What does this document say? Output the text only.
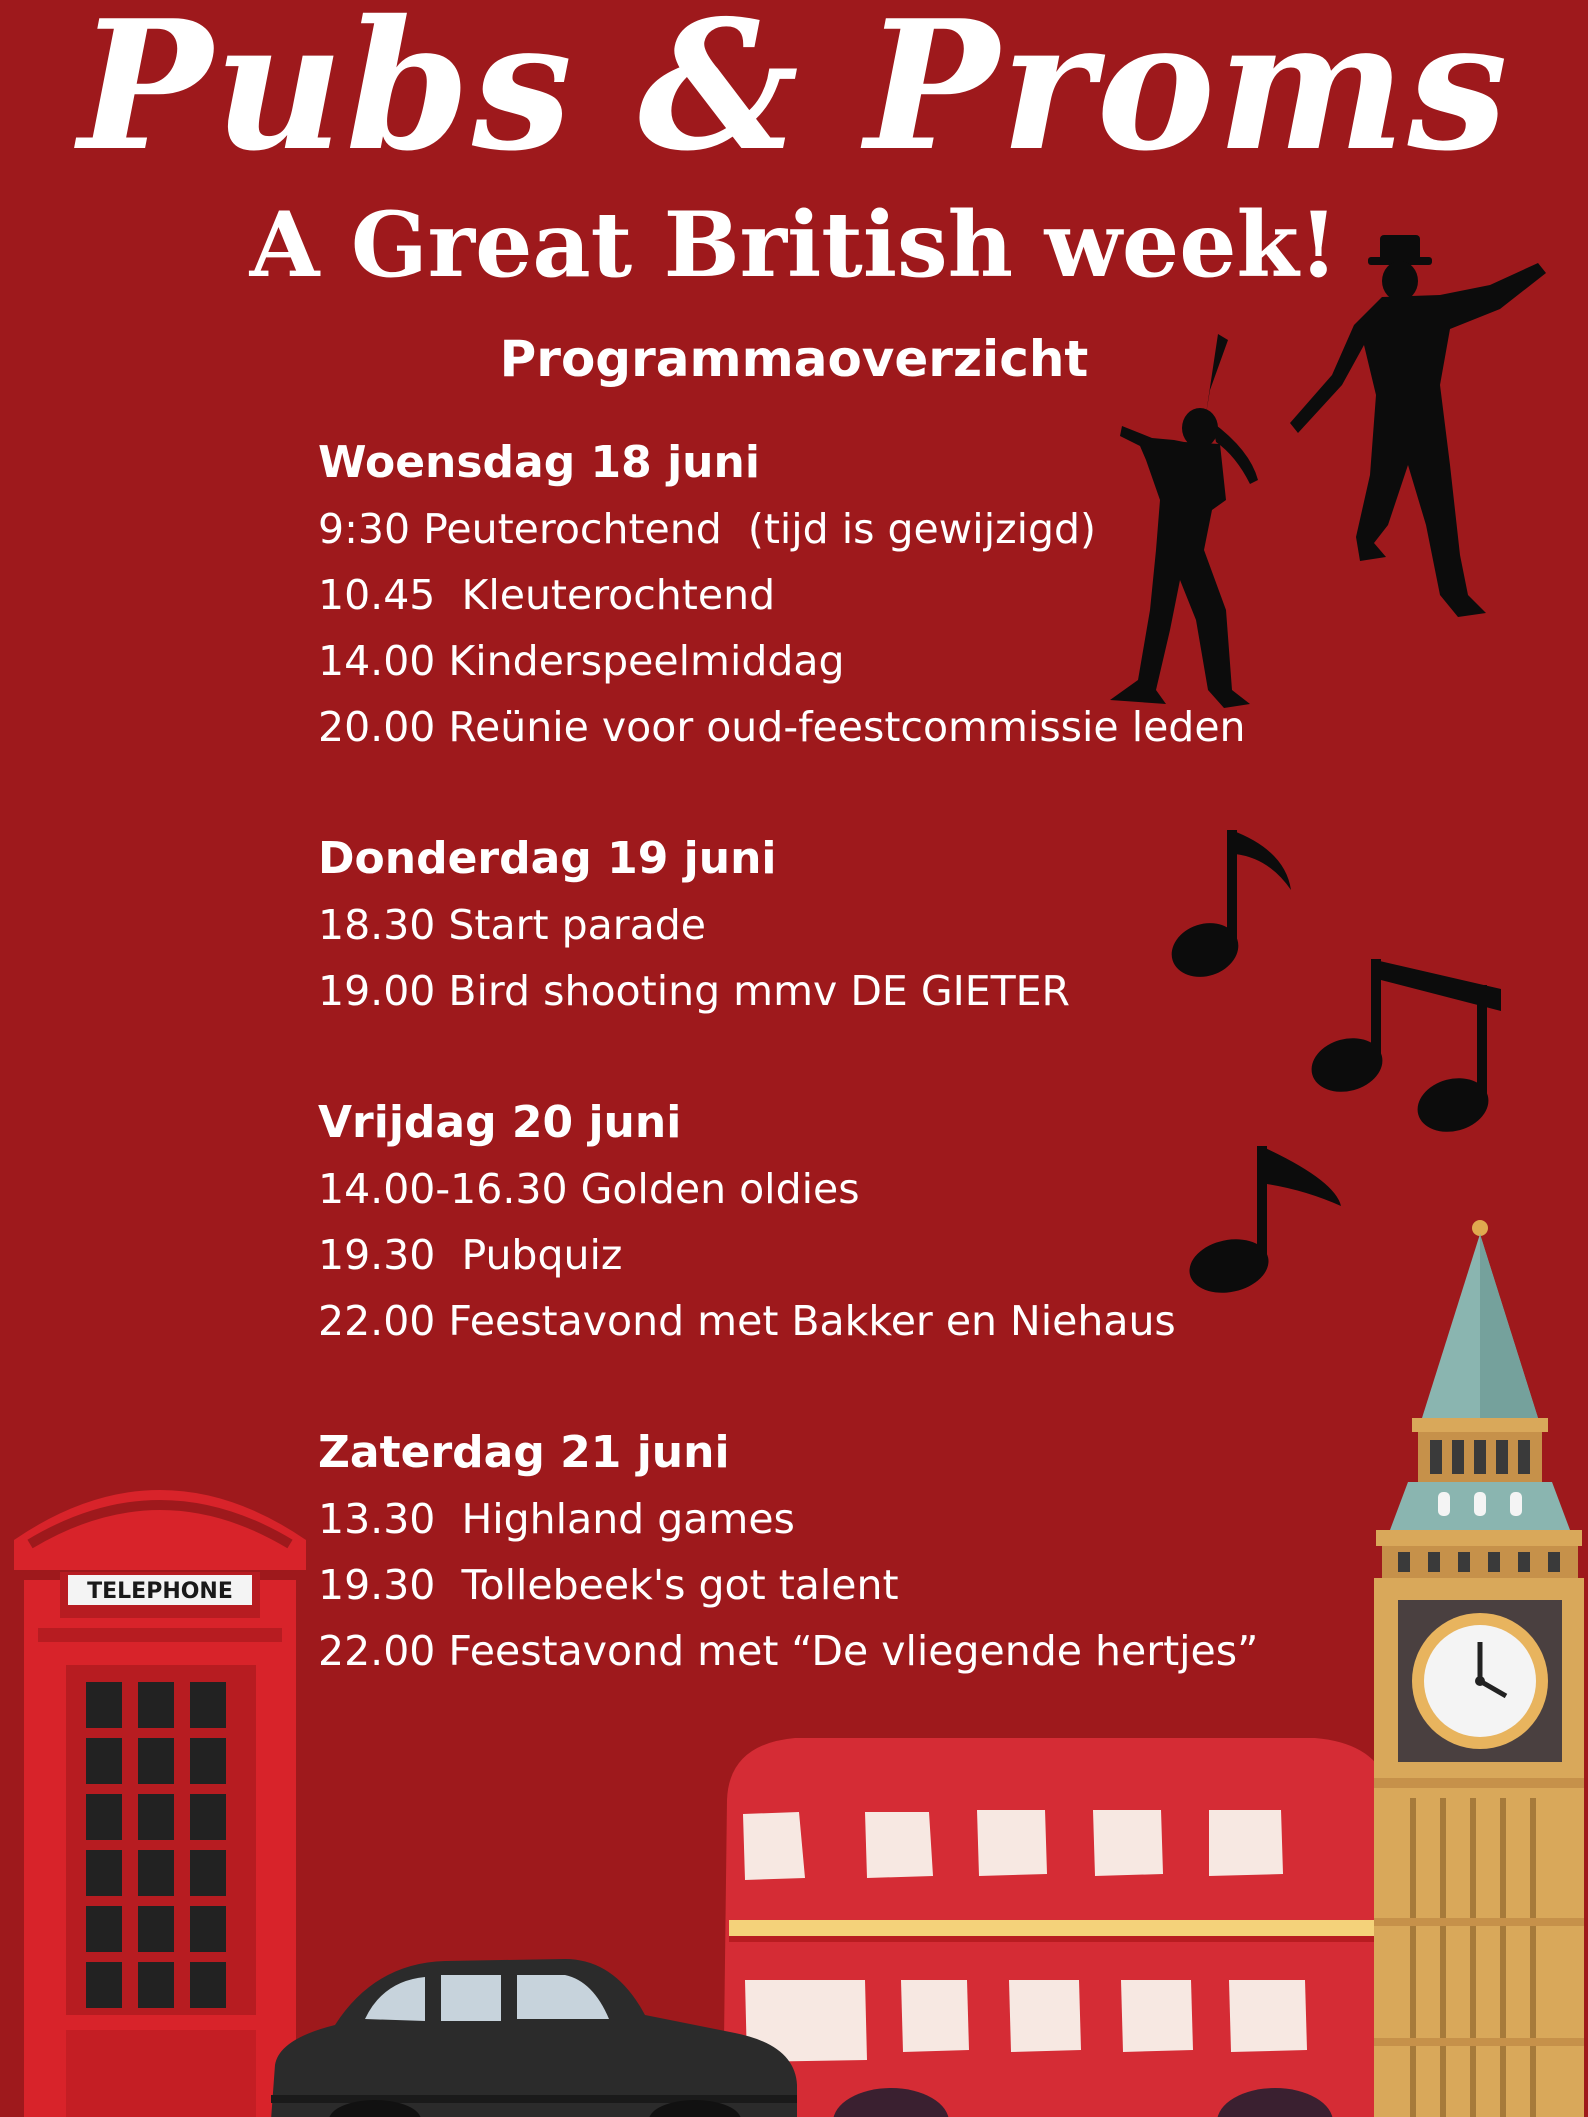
Pubs & Proms
A Great British week!
Programmaoverzicht
Woensdag 18 juni
9:30 Peuterochtend  (tijd is gewijzigd)
10.45  Kleuterochtend
14.00 Kinderspeelmiddag
20.00 Reünie voor oud-feestcommissie leden
Donderdag 19 juni
18.30 Start parade
19.00 Bird shooting mmv DE GIETER
Vrijdag 20 juni
14.00-16.30 Golden oldies
19.30  Pubquiz
22.00 Feestavond met Bakker en Niehaus
Zaterdag 21 juni
13.30  Highland games
19.30  Tollebeek's got talent
22.00 Feestavond met “De vliegende hertjes”
TELEPHONE
